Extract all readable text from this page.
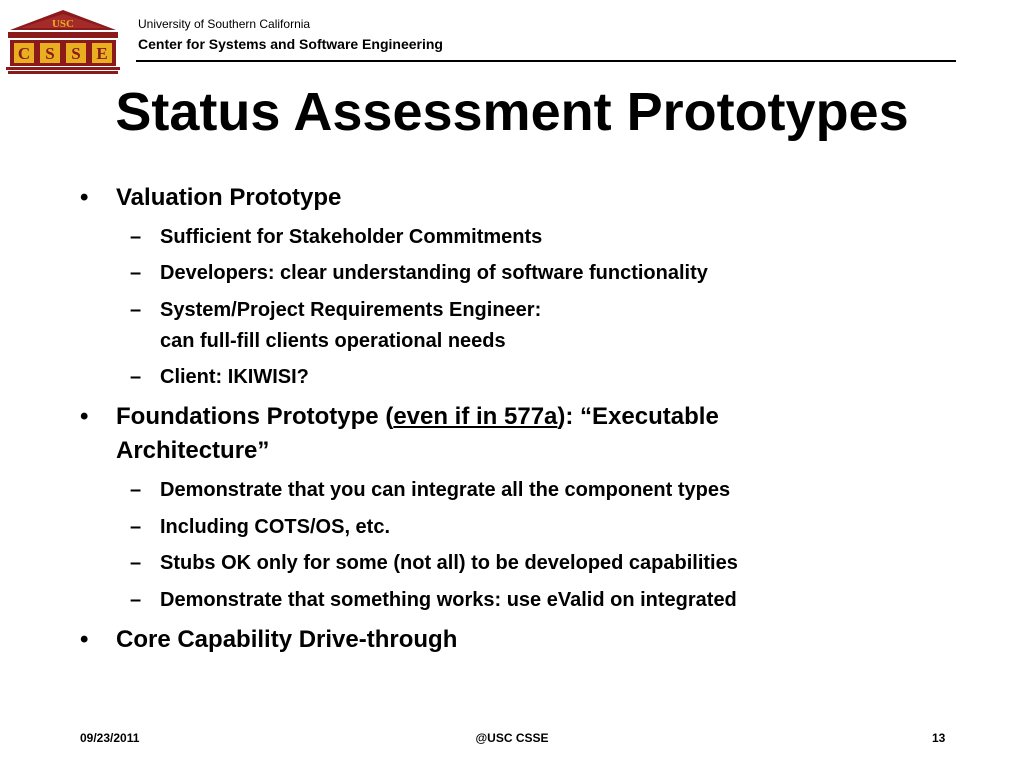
USC
C S S E
University of Southern California
Center for Systems and Software Engineering
Status Assessment Prototypes
• Valuation Prototype
– Sufficient for Stakeholder Commitments
– Developers: clear understanding of software functionality
– System/Project Requirements Engineer:
can full-fill clients operational needs
– Client: IKIWISI?
• Foundations Prototype (even if in 577a): “Executable
Architecture”
– Demonstrate that you can integrate all the component types
– Including COTS/OS, etc.
– Stubs OK only for some (not all) to be developed capabilities
– Demonstrate that something works: use eValid on integrated
• Core Capability Drive-through
09/23/2011	@USC CSSE	13
